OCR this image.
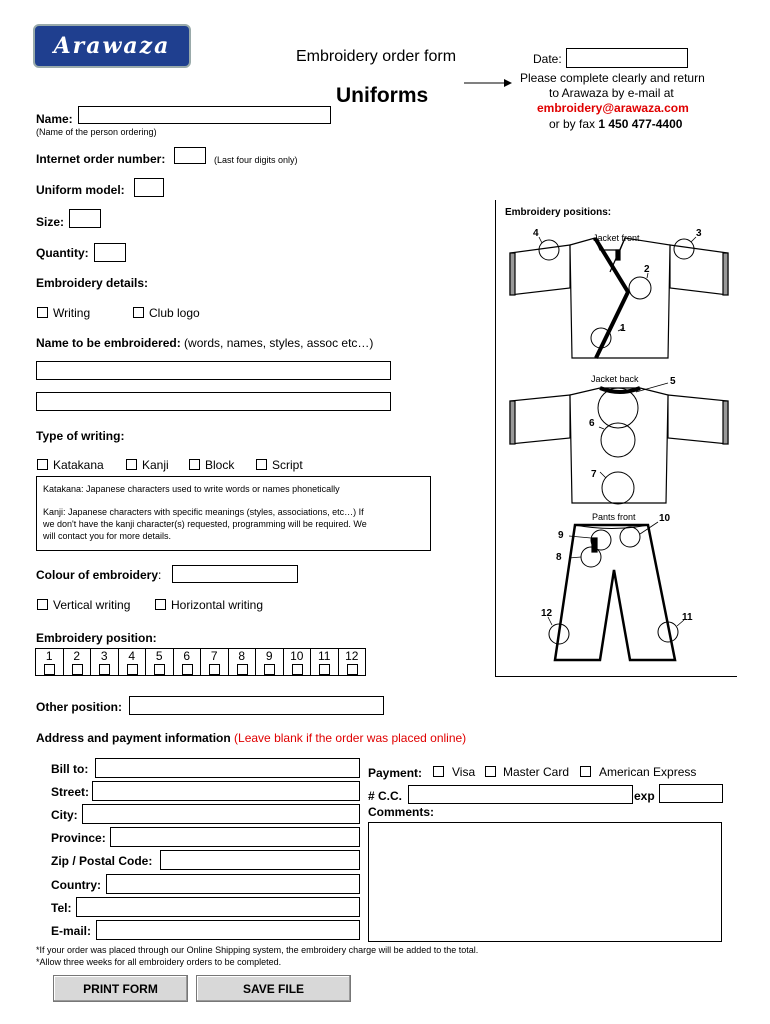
Arawaza	Embroidery order form
Uniforms
Date:
Please complete clearly and return
to Arawaza by e-mail at
embroidery@arawaza.com
or by fax 1 450 477-4400
Name:
(Name of the person ordering)
Internet order number:	(Last four digits only)
Uniform model:
Size:
Quantity:
Embroidery details:
Writing	Club logo
Name to be embroidered: (words, names, styles, assoc etc…)
Type of writing:
Katakana	Kanji	Block	Script
Katakana: Japanese characters used to write words or names phonetically
Kanji: Japanese characters with specific meanings (styles, associations, etc…) If
we don't have the kanji character(s) requested, programming will be required. We
will contact you for more details.
Colour of embroidery:
Vertical writing	Horizontal writing
Embroidery position:
1	2	3	4	5	6	7	8	9	10	11	12
Other position:
Embroidery positions:
Jacket front
Jacket back
Pants front
1
2
3
4
5
6
7
8
9
10
11
12
Address and payment information (Leave blank if the order was placed online)
Bill to:
Street:
City:
Province:
Zip / Postal Code:
Country:
Tel:
E-mail:
Payment: Visa Master Card American Express
# C.C.	exp
Comments:
*If your order was placed through our Online Shipping system, the embroidery charge will be added to the total.
*Allow three weeks for all embroidery orders to be completed.
PRINT FORM	SAVE FILE
